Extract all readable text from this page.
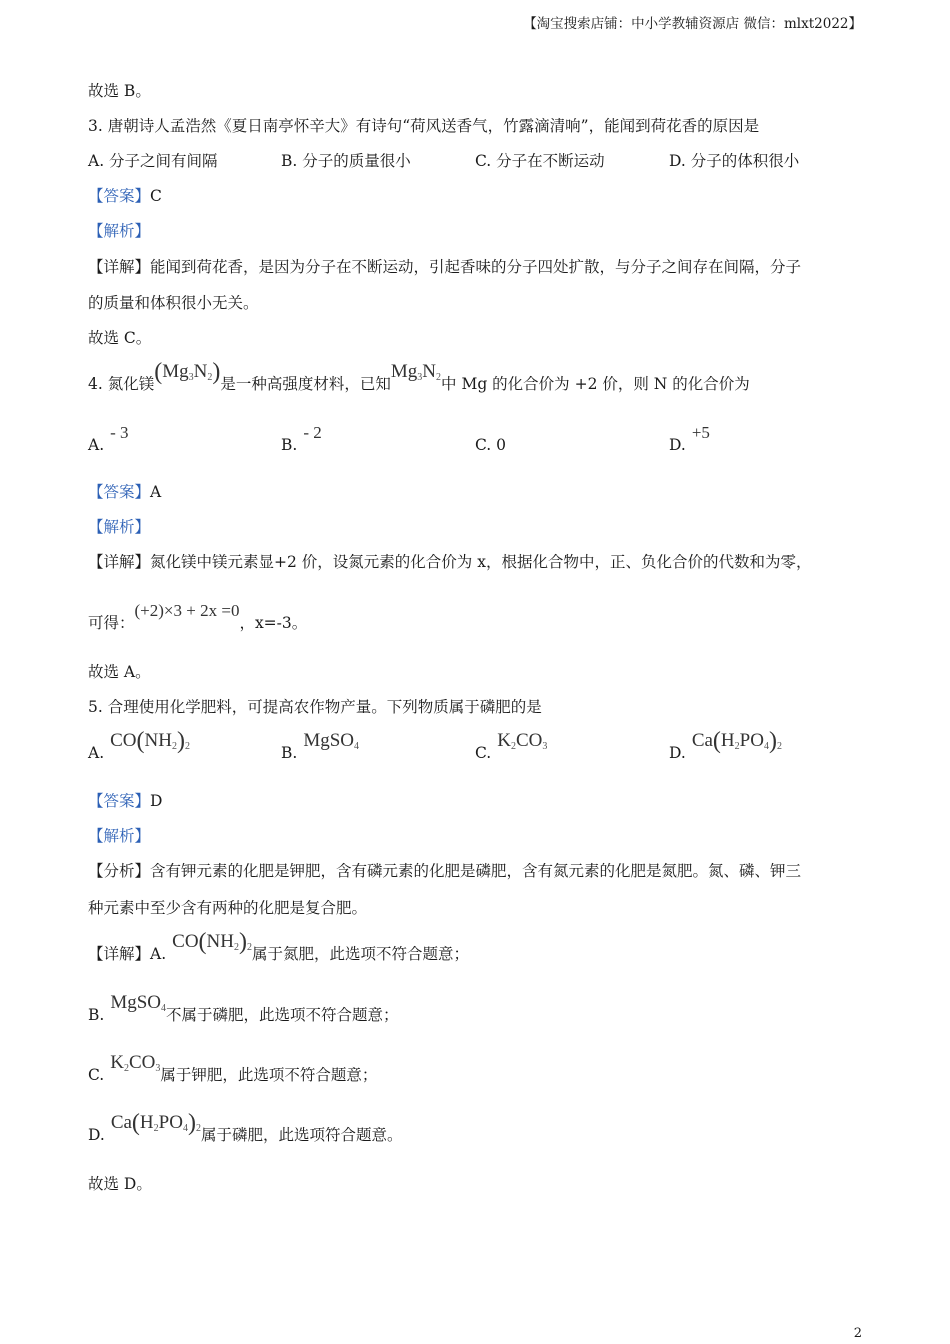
【淘宝搜索店铺：中小学教辅资源店 微信：mlxt2022】
故选 B。
3. 唐朝诗人孟浩然《夏日南亭怀辛大》有诗句“荷风送香气，竹露滴清响”，能闻到荷花香的原因是
A. 分子之间有间隔	B. 分子的质量很小	C. 分子在不断运动	D. 分子的体积很小
【答案】C
【解析】
【详解】能闻到荷花香，是因为分子在不断运动，引起香味的分子四处扩散，与分子之间存在间隔，分子
的质量和体积很小无关。
故选 C。
4. 氮化镁$(Mg_3N_2)$是一种高强度材料，已知$Mg_3N_2$中 Mg 的化合价为 +2 价，则 N 的化合价为
A.- 3
B.- 2
C. 0	D.+5
【答案】A
【解析】
【详解】氮化镁中镁元素显+2 价，设氮元素的化合价为 x，根据化合物中，正、负化合价的代数和为零，
可得：(+2)×3 + 2x =0，x=-3。
故选 A。
5. 合理使用化学肥料，可提高农作物产量。下列物质属于磷肥的是
$A.CO(NH_2)_2$	B.MgSO$_4$	$C.K_2CO_3$	$D.Ca(H_2PO_4)_2$
【答案】D
【解析】
【分析】含有钾元素的化肥是钾肥，含有磷元素的化肥是磷肥，含有氮元素的化肥是氮肥。氮、磷、钾三
种元素中至少含有两种的化肥是复合肥。
【详解】$A.CO(NH_2)_2$属于氮肥，此选项不符合题意；
B.MgSO$_4$不属于磷肥，此选项不符合题意；
$C.K_2CO_3$属于钾肥，此选项不符合题意；
$D.Ca(H_2PO_4)_2$属于磷肥，此选项符合题意。
故选 D。
2
